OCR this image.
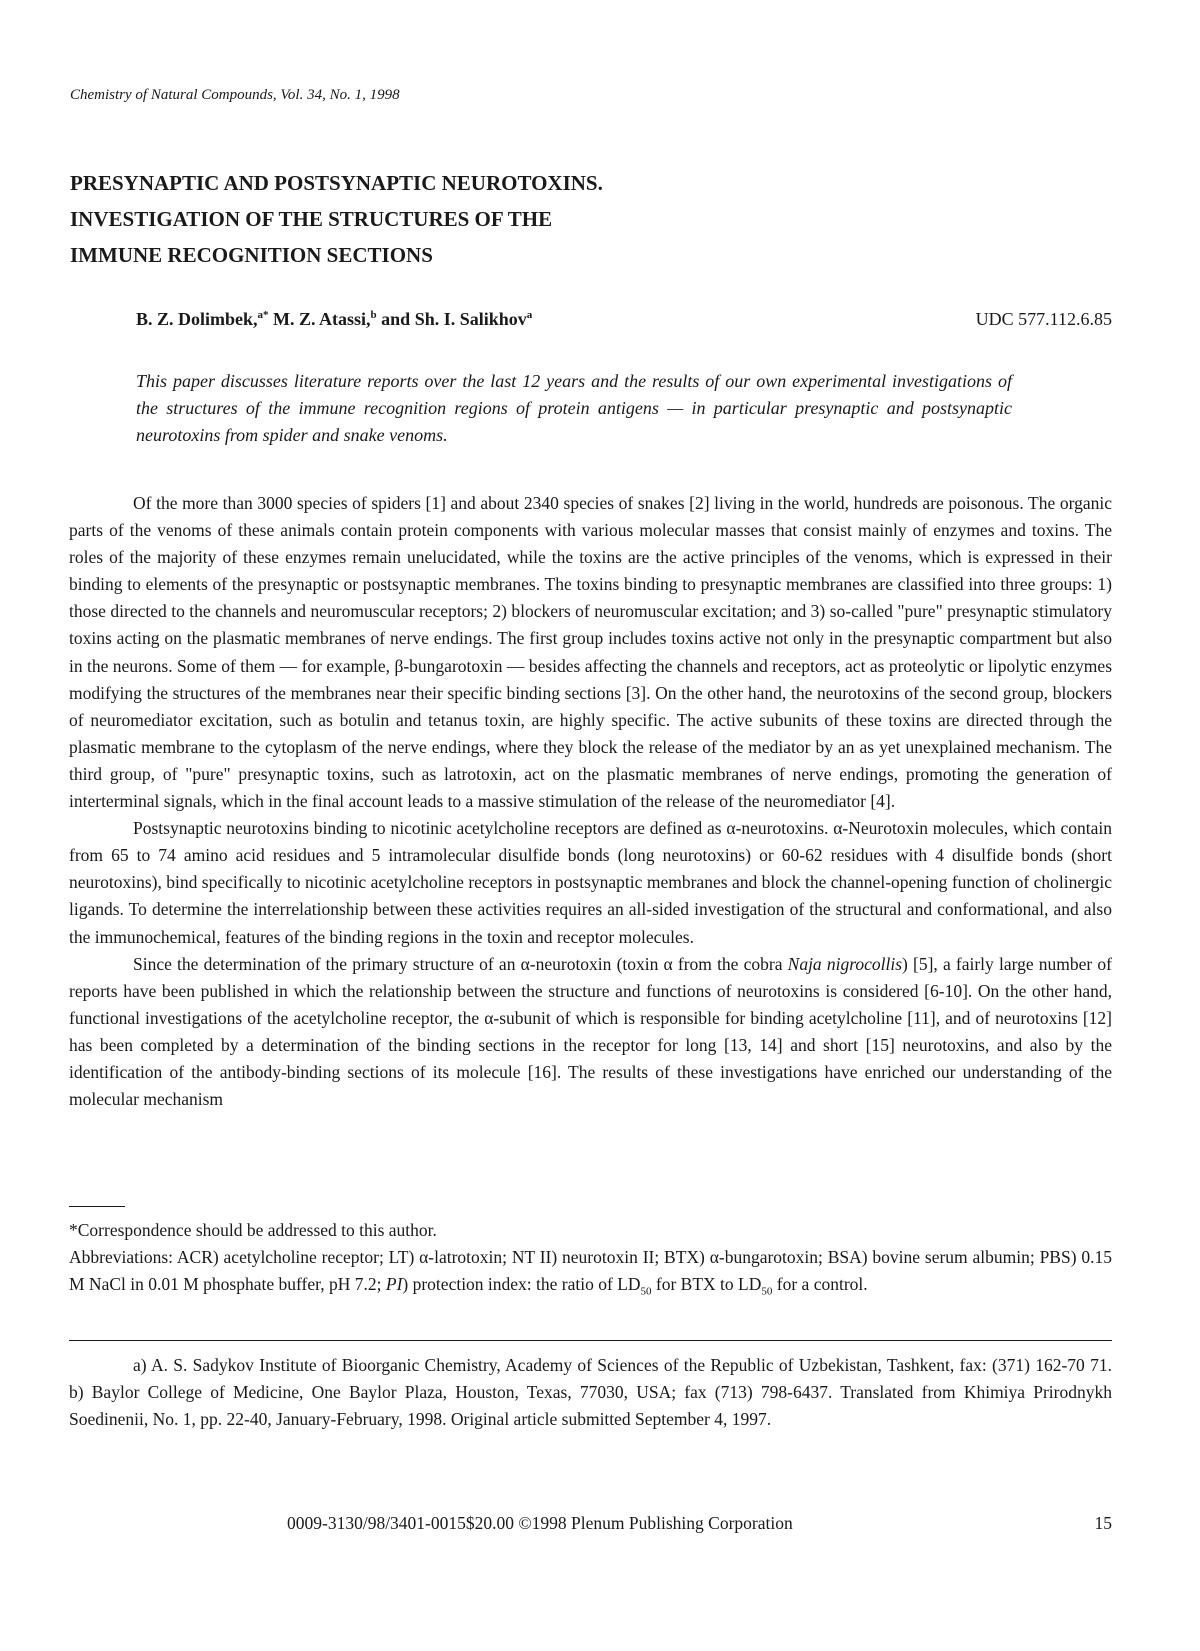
Chemistry of Natural Compounds, Vol. 34, No. 1, 1998
PRESYNAPTIC AND POSTSYNAPTIC NEUROTOXINS.
INVESTIGATION OF THE STRUCTURES OF THE
IMMUNE RECOGNITION SECTIONS
B. Z. Dolimbek,$^{a*}$ M. Z. Atassi,$^b$ and Sh. I. Salikhov$^a$	UDC 577.112.6.85

This paper discusses literature reports over the last 12 years and the results of our own experimental investigations of the structures of the immune recognition regions of protein antigens — in particular presynaptic and postsynaptic neurotoxins from spider and snake venoms.

Of the more than 3000 species of spiders [1] and about 2340 species of snakes [2] living in the world, hundreds are poisonous. The organic parts of the venoms of these animals contain protein components with various molecular masses that consist mainly of enzymes and toxins. The roles of the majority of these enzymes remain unelucidated, while the toxins are the active principles of the venoms, which is expressed in their binding to elements of the presynaptic or postsynaptic membranes. The toxins binding to presynaptic membranes are classified into three groups: 1) those directed to the channels and neuromuscular receptors; 2) blockers of neuromuscular excitation; and 3) so-called "pure" presynaptic stimulatory toxins acting on the plasmatic membranes of nerve endings. The first group includes toxins active not only in the presynaptic compartment but also in the neurons. Some of them — for example, β-bungarotoxin — besides affecting the channels and receptors, act as proteolytic or lipolytic enzymes modifying the structures of the membranes near their specific binding sections [3]. On the other hand, the neurotoxins of the second group, blockers of neuromediator excitation, such as botulin and tetanus toxin, are highly specific. The active subunits of these toxins are directed through the plasmatic membrane to the cytoplasm of the nerve endings, where they block the release of the mediator by an as yet unexplained mechanism. The third group, of "pure" presynaptic toxins, such as latrotoxin, act on the plasmatic membranes of nerve endings, promoting the generation of interterminal signals, which in the final account leads to a massive stimulation of the release of the neuromediator [4].

Postsynaptic neurotoxins binding to nicotinic acetylcholine receptors are defined as α-neurotoxins. α-Neurotoxin molecules, which contain from 65 to 74 amino acid residues and 5 intramolecular disulfide bonds (long neurotoxins) or 60-62 residues with 4 disulfide bonds (short neurotoxins), bind specifically to nicotinic acetylcholine receptors in postsynaptic membranes and block the channel-opening function of cholinergic ligands. To determine the interrelationship between these activities requires an all-sided investigation of the structural and conformational, and also the immunochemical, features of the binding regions in the toxin and receptor molecules.

Since the determination of the primary structure of an α-neurotoxin (toxin α from the cobra Naja nigrocollis) [5], a fairly large number of reports have been published in which the relationship between the structure and functions of neurotoxins is considered [6-10]. On the other hand, functional investigations of the acetylcholine receptor, the α-subunit of which is responsible for binding acetylcholine [11], and of neurotoxins [12] has been completed by a determination of the binding sections in the receptor for long [13, 14] and short [15] neurotoxins, and also by the identification of the antibody-binding sections of its molecule [16]. The results of these investigations have enriched our understanding of the molecular mechanism

*Correspondence should be addressed to this author.

Abbreviations: ACR) acetylcholine receptor; LT) α-latrotoxin; NT II) neurotoxin II; BTX) α-bungarotoxin; BSA) bovine serum albumin; PBS) 0.15 M NaCl in 0.01 M phosphate buffer, pH 7.2; PI) protection index: the ratio of $LD_{50}$ for BTX to $LD_{50}$ for a control.

a) A. S. Sadykov Institute of Bioorganic Chemistry, Academy of Sciences of the Republic of Uzbekistan, Tashkent, fax: (371) 162-70 71. b) Baylor College of Medicine, One Baylor Plaza, Houston, Texas, 77030, USA; fax (713) 798-6437. Translated from Khimiya Prirodnykh Soedinenii, No. 1, pp. 22-40, January-February, 1998. Original article submitted September 4, 1997.

0009-3130/98/3401-0015$20.00 ©1998 Plenum Publishing Corporation	15
